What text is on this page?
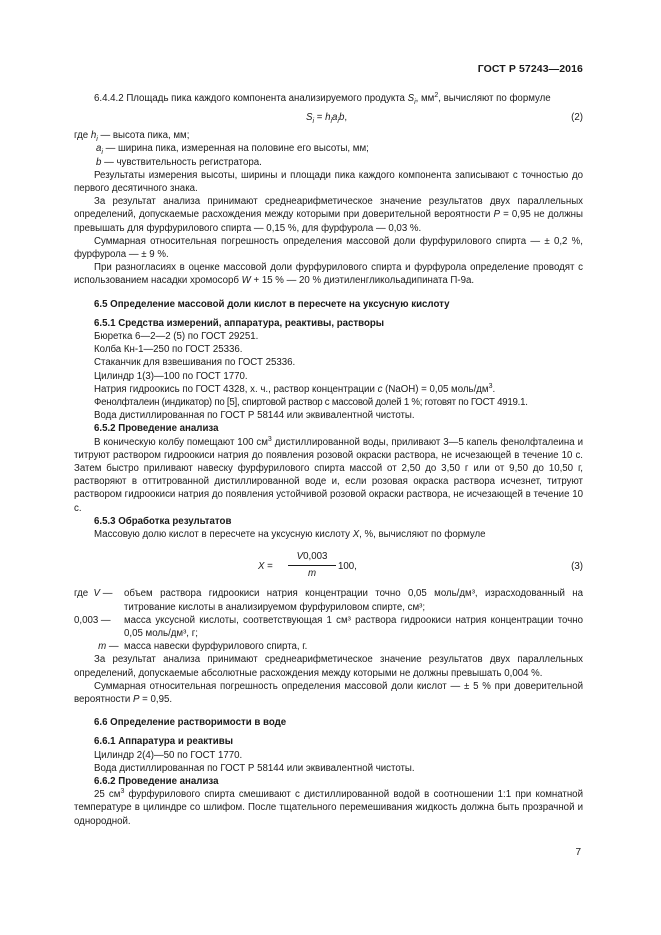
ГОСТ Р 57243—2016

6.4.4.2 Площадь пика каждого компонента анализируемого продукта $S_i$, $мм^2$, вычисляют по формуле

$S_i = h_ia_ib$,	(2)

где $h_i$ — высота пика, мм;

$a_i$ — ширина пика, измеренная на половине его высоты, мм;

b — чувствительность регистратора.

Результаты измерения высоты, ширины и площади пика каждого компонента записывают с точностью до первого десятичного знака.

За результат анализа принимают среднеарифметическое значение результатов двух параллельных определений, допускаемые расхождения между которыми при доверительной вероятности P = 0,95 не должны превышать для фурфурилового спирта — 0,15 %, для фурфурола — 0,03 %.

Суммарная относительная погрешность определения массовой доли фурфурилового спирта — ± 0,2 %, фурфурола — ± 9 %.

При разногласиях в оценке массовой доли фурфурилового спирта и фурфурола определение проводят с использованием насадки хромосорб W + 15 % — 20 % диэтиленгликольадипината П-9а.

6.5 Определение массовой доли кислот в пересчете на уксусную кислоту

6.5.1 Средства измерений, аппаратура, реактивы, растворы

Бюретка 6—2—2 (5) по ГОСТ 29251.

Колба Кн-1—250 по ГОСТ 25336.

Стаканчик для взвешивания по ГОСТ 25336.

Цилиндр 1(3)—100 по ГОСТ 1770.

Натрия гидроокись по ГОСТ 4328, х. ч., раствор концентрации c (NaOH) = 0,05 моль/$дм^3$.

Фенолфталеин (индикатор) по [5], спиртовой раствор с массовой долей 1 %; готовят по ГОСТ 4919.1.

Вода дистиллированная по ГОСТ Р 58144 или эквивалентной чистоты.

6.5.2 Проведение анализа

В коническую колбу помещают 100 $см^3$ дистиллированной воды, приливают 3—5 капель фенолфталеина и титруют раствором гидроокиси натрия до появления розовой окраски раствора, не исчезающей в течение 10 с. Затем быстро приливают навеску фурфурилового спирта массой от 2,50 до 3,50 г или от 9,50 до 10,50 г, растворяют в оттитрованной дистиллированной воде и, если розовая окраска раствора исчезнет, титруют раствором гидроокиси натрия до появления устойчивой розовой окраски раствора, не исчезающей в течение 10 с.

6.5.3 Обработка результатов

Массовую долю кислот в пересчете на уксусную кислоту X, %, вычисляют по формуле

X =
V0,003
m
100,	(3)
где  V —	объем раствора гидроокиси натрия концентрации точно 0,05 моль/дм³, израсходованный на титрование кислоты в анализируемом фурфуриловом спирте, см³;
0,003 —	масса уксусной кислоты, соответствующая 1 см³ раствора гидроокиси натрия концентрации точно 0,05 моль/дм³, г;
m — масса навески фурфурилового спирта, г.

За результат анализа принимают среднеарифметическое значение результатов двух параллельных определений, допускаемые абсолютные расхождения между которыми не должны превышать 0,004 %.

Суммарная относительная погрешность определения массовой доли кислот — ± 5 % при доверительной вероятности P = 0,95.

6.6 Определение растворимости в воде

6.6.1 Аппаратура и реактивы

Цилиндр 2(4)—50 по ГОСТ 1770.

Вода дистиллированная по ГОСТ Р 58144 или эквивалентной чистоты.

6.6.2 Проведение анализа

25 $см^3$ фурфурилового спирта смешивают с дистиллированной водой в соотношении 1:1 при комнатной температуре в цилиндре со шлифом. После тщательного перемешивания жидкость должна быть прозрачной и однородной.

7
